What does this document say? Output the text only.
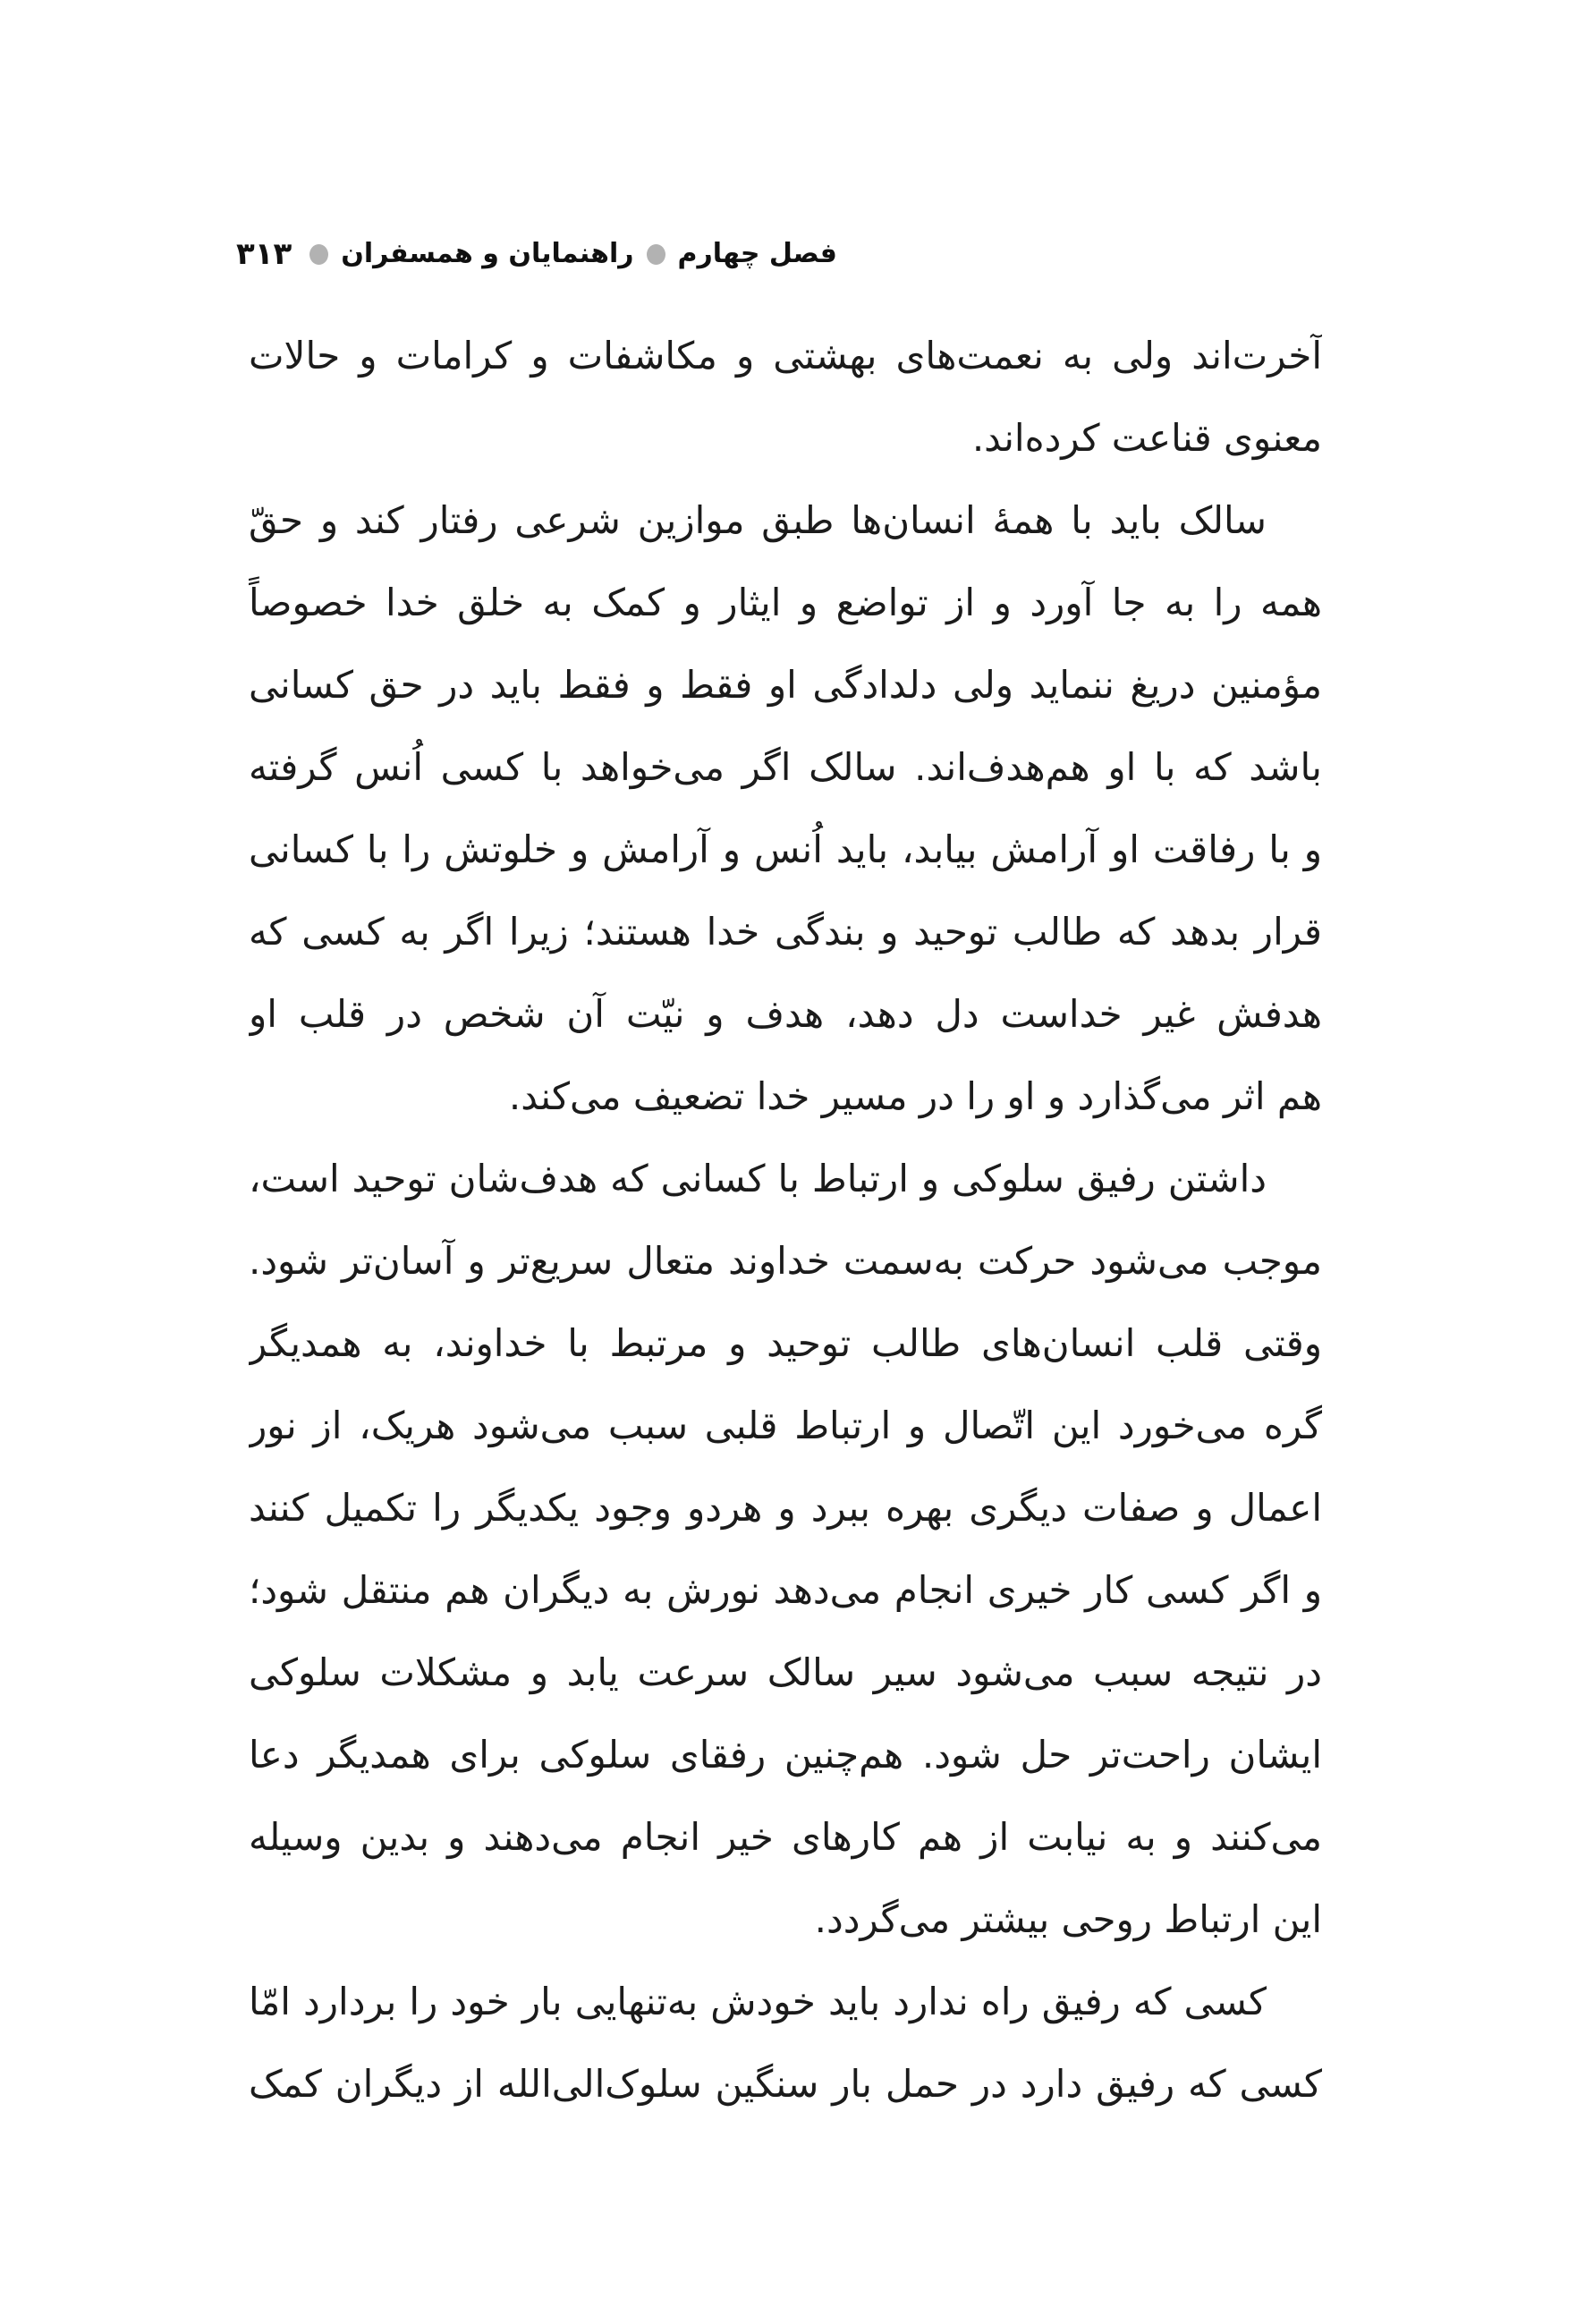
فصل چهارم
راهنمایان و همسفران
۳۱۳
آخرت‌اند ولی به نعمت‌های بهشتی و مکاشفات و کرامات و حالات
معنوی قناعت کرده‌اند.
سالک باید با همهٔ انسان‌ها طبق موازین شرعی رفتار کند و حقّ
همه را به جا آورد و از تواضع و ایثار و کمک به خلق خدا خصوصاً
مؤمنین دریغ ننماید ولی دلدادگی او فقط و فقط باید در حق کسانی
باشد که با او هم‌هدف‌اند. سالک اگر می‌خواهد با کسی اُنس گرفته
و با رفاقت او آرامش بیابد، باید اُنس و آرامش و خلوتش را با کسانی
قرار بدهد که طالب توحید و بندگی خدا هستند؛ زیرا اگر به کسی که
هدفش غیر خداست دل دهد، هدف و نیّت آن شخص در قلب او
هم اثر می‌گذارد و او را در مسیر خدا تضعیف می‌کند.
داشتن رفیق سلوکی و ارتباط با کسانی که هدف‌شان توحید است،
موجب می‌شود حرکت به‌سمت خداوند متعال سریع‌تر و آسان‌تر شود.
وقتی قلب انسان‌های طالب توحید و مرتبط با خداوند، به همدیگر
گره می‌خورد این اتّصال و ارتباط قلبی سبب می‌شود هریک، از نور
اعمال و صفات دیگری بهره ببرد و هردو وجود یکدیگر را تکمیل کنند
و اگر کسی کار خیری انجام می‌دهد نورش به دیگران هم منتقل شود؛
در نتیجه سبب می‌شود سیر سالک سرعت یابد و مشکلات سلوکی
ایشان راحت‌تر حل شود. هم‌چنین رفقای سلوکی برای همدیگر دعا
می‌کنند و به نیابت از هم کارهای خیر انجام می‌دهند و بدین وسیله
این ارتباط روحی بیشتر می‌گردد.
کسی که رفیق راه ندارد باید خودش به‌تنهایی بار خود را بردارد امّا
کسی که رفیق دارد در حمل بار سنگین سلوک‌الی‌الله از دیگران کمک
